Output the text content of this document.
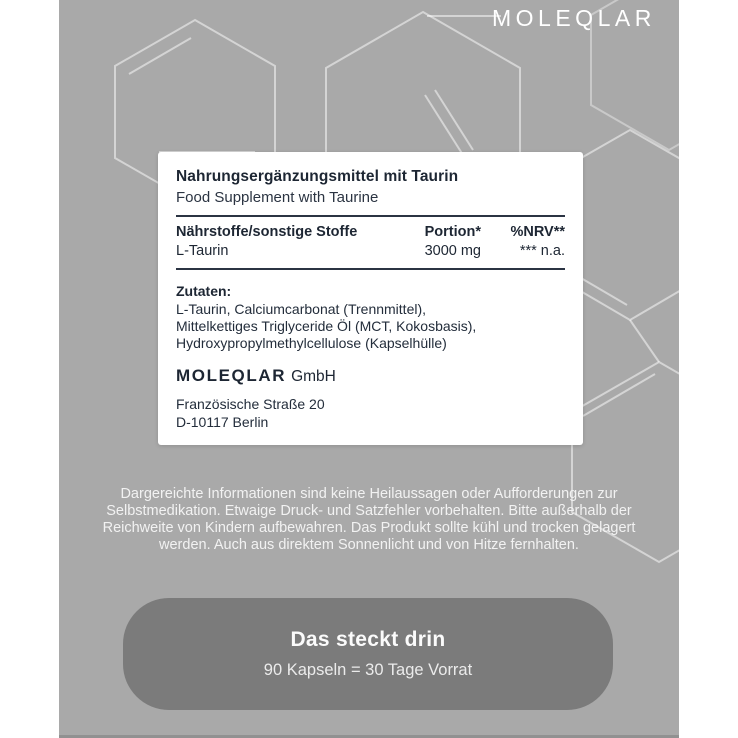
MOLEQLAR
Nahrungsergänzungsmittel mit Taurin
Food Supplement with Taurine
Nährstoffe/sonstige Stoffe	Portion*	%NRV**
L-Taurin	3000 mg	*** n.a.
Zutaten:
L-Taurin, Calciumcarbonat (Trennmittel),
Mittelkettiges Triglyceride Öl (MCT, Kokosbasis),
Hydroxypropylmethylcellulose (Kapselhülle)
MOLEQLAR GmbH
Französische Straße 20
D-10117 Berlin
Dargereichte Informationen sind keine Heilaussagen oder Aufforderungen zur
Selbstmedikation. Etwaige Druck- und Satzfehler vorbehalten. Bitte außerhalb der
Reichweite von Kindern aufbewahren. Das Produkt sollte kühl und trocken gelagert
werden. Auch aus direktem Sonnenlicht und von Hitze fernhalten.
Das steckt drin
90 Kapseln = 30 Tage Vorrat
